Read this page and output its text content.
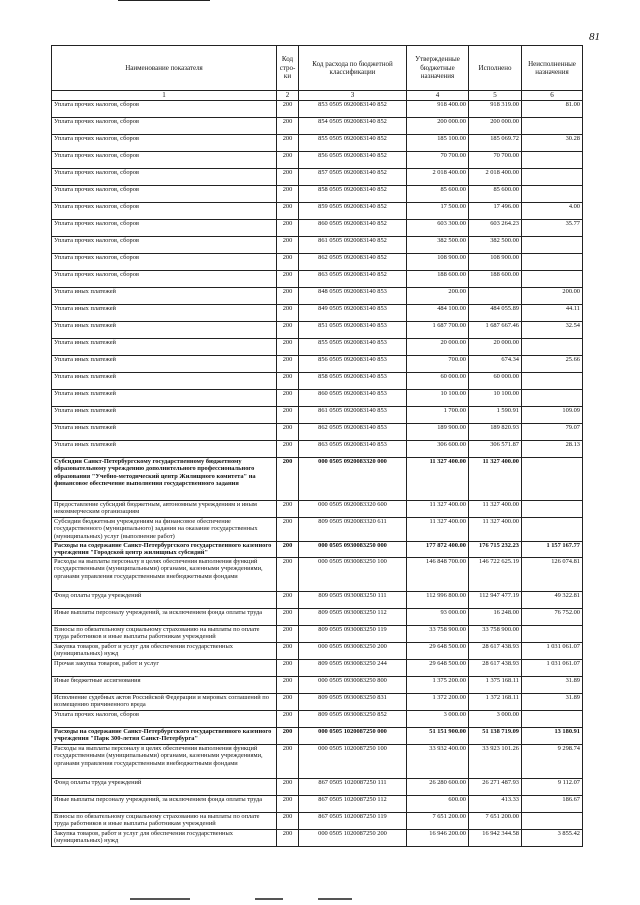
81
Наименование показателя	Код стро-ки	Код расхода по бюджетной классификации	Утвержденные бюджетные назначения	Исполнено	Неисполненные назначения
1	2	3	4	5	6
Уплата прочих налогов, сборов	200	853 0505 0920083140 852	918 400.00	918 319.00	81.00
Уплата прочих налогов, сборов	200	854 0505 0920083140 852	200 000.00	200 000.00	
Уплата прочих налогов, сборов	200	855 0505 0920083140 852	185 100.00	185 069.72	30.28
Уплата прочих налогов, сборов	200	856 0505 0920083140 852	70 700.00	70 700.00	
Уплата прочих налогов, сборов	200	857 0505 0920083140 852	2 018 400.00	2 018 400.00	
Уплата прочих налогов, сборов	200	858 0505 0920083140 852	85 600.00	85 600.00	
Уплата прочих налогов, сборов	200	859 0505 0920083140 852	17 500.00	17 496.00	4.00
Уплата прочих налогов, сборов	200	860 0505 0920083140 852	603 300.00	603 264.23	35.77
Уплата прочих налогов, сборов	200	861 0505 0920083140 852	382 500.00	382 500.00	
Уплата прочих налогов, сборов	200	862 0505 0920083140 852	108 900.00	108 900.00	
Уплата прочих налогов, сборов	200	863 0505 0920083140 852	188 600.00	188 600.00	
Уплата иных платежей	200	848 0505 0920083140 853	200.00		200.00
Уплата иных платежей	200	849 0505 0920083140 853	484 100.00	484 055.89	44.11
Уплата иных платежей	200	851 0505 0920083140 853	1 687 700.00	1 687 667.46	32.54
Уплата иных платежей	200	855 0505 0920083140 853	20 000.00	20 000.00	
Уплата иных платежей	200	856 0505 0920083140 853	700.00	674.34	25.66
Уплата иных платежей	200	858 0505 0920083140 853	60 000.00	60 000.00	
Уплата иных платежей	200	860 0505 0920083140 853	10 100.00	10 100.00	
Уплата иных платежей	200	861 0505 0920083140 853	1 700.00	1 590.91	109.09
Уплата иных платежей	200	862 0505 0920083140 853	189 900.00	189 820.93	79.07
Уплата иных платежей	200	863 0505 0920083140 853	306 600.00	306 571.87	28.13
Субсидии Санкт-Петербургскому государственному бюджетному образовательному учреждению дополнительного профессионального образования "Учебно-методический центр Жилищного комитета" на финансовое обеспечение выполнения государственного задания	200	000 0505 0920083320 000	11 327 400.00	11 327 400.00	
Предоставление субсидий бюджетным, автономным учреждениям и иным некоммерческим организациям	200	000 0505 0920083320 600	11 327 400.00	11 327 400.00	
Субсидии бюджетным учреждениям на финансовое обеспечение государственного (муниципального) задания на оказание государственных (муниципальных) услуг (выполнение работ)	200	809 0505 0920083320 611	11 327 400.00	11 327 400.00	
Расходы на содержание Санкт-Петербургского государственного казенного учреждения "Городской центр жилищных субсидий"	200	000 0505 0930083250 000	177 872 400.00	176 715 232.23	1 157 167.77
Расходы на выплаты персоналу в целях обеспечения выполнения функций государственными (муниципальными) органами, казенными учреждениями, органами управления государственными внебюджетными фондами	200	000 0505 0930083250 100	146 848 700.00	146 722 625.19	126 074.81
Фонд оплаты труда учреждений	200	809 0505 0930083250 111	112 996 800.00	112 947 477.19	49 322.81
Иные выплаты персоналу учреждений, за исключением фонда оплаты труда	200	809 0505 0930083250 112	93 000.00	16 248.00	76 752.00
Взносы по обязательному социальному страхованию на выплаты по оплате труда работников и иные выплаты работникам учреждений	200	809 0505 0930083250 119	33 758 900.00	33 758 900.00	
Закупка товаров, работ и услуг для обеспечения государственных (муниципальных) нужд	200	000 0505 0930083250 200	29 648 500.00	28 617 438.93	1 031 061.07
Прочая закупка товаров, работ и услуг	200	809 0505 0930083250 244	29 648 500.00	28 617 438.93	1 031 061.07
Иные бюджетные ассигнования	200	000 0505 0930083250 800	1 375 200.00	1 375 168.11	31.89
Исполнение судебных актов Российской Федерации и мировых соглашений по возмещению причиненного вреда	200	809 0505 0930083250 831	1 372 200.00	1 372 168.11	31.89
Уплата прочих налогов, сборов	200	809 0505 0930083250 852	3 000.00	3 000.00	
Расходы на содержание Санкт-Петербургского государственного казенного учреждения "Парк 300-летия Санкт-Петербурга"	200	000 0505 1020087250 000	51 151 900.00	51 138 719.09	13 180.91
Расходы на выплаты персоналу в целях обеспечения выполнения функций государственными (муниципальными) органами, казенными учреждениями, органами управления государственными внебюджетными фондами	200	000 0505 1020087250 100	33 932 400.00	33 923 101.26	9 298.74
Фонд оплаты труда учреждений	200	867 0505 1020087250 111	26 280 600.00	26 271 487.93	9 112.07
Иные выплаты персоналу учреждений, за исключением фонда оплаты труда	200	867 0505 1020087250 112	600.00	413.33	186.67
Взносы по обязательному социальному страхованию на выплаты по оплате труда работников и иные выплаты работникам учреждений	200	867 0505 1020087250 119	7 651 200.00	7 651 200.00	
Закупка товаров, работ и услуг для обеспечения государственных (муниципальных) нужд	200	000 0505 1020087250 200	16 946 200.00	16 942 344.58	3 855.42
